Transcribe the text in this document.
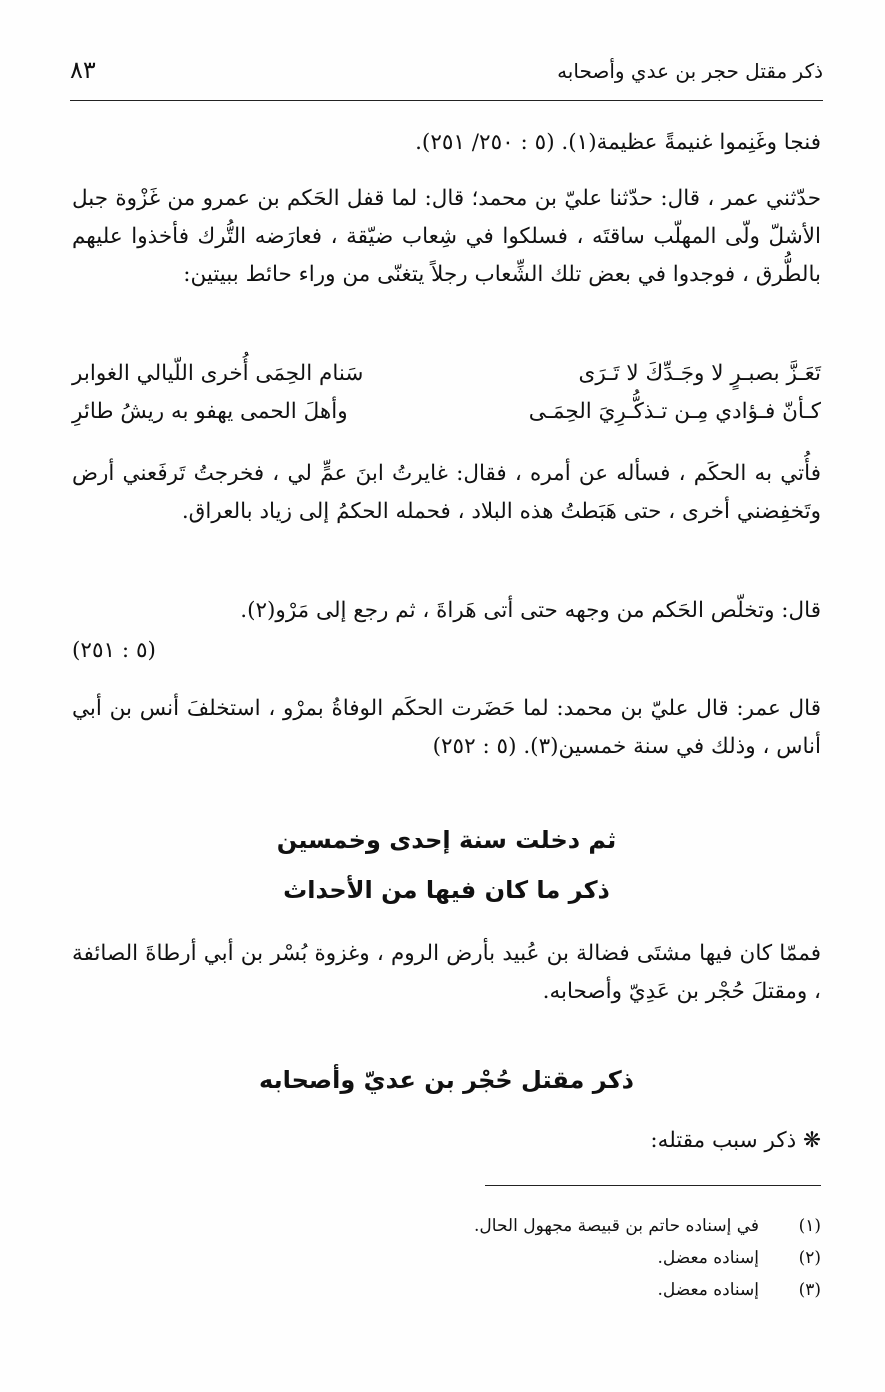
ذكر مقتل حجر بن عدي وأصحابه
٨٣
فنجا وغَنِموا غنيمةً عظيمة(١). (٥ : ٢٥٠/ ٢٥١).
حدّثني عمر ، قال: حدّثنا عليّ بن محمد؛ قال: لما قفل الحَكم بن عمرو من غَزْوة جبل الأشلّ ولّى المهلّب ساقتَه ، فسلكوا في شِعاب ضيّقة ، فعارَضه التُّرك فأخذوا عليهم بالطُّرق ، فوجدوا في بعض تلك الشِّعاب رجلاً يتغنّى من وراء حائط ببيتين:
تَعَـزَّ بصبـرٍ لا وجَـدِّكَ لا تَـرَى
سَنام الحِمَى أُخرى اللّيالي الغوابر
كـأنّ فـؤادي مِـن تـذكُّـرِيَ الحِمَـى
وأهلَ الحمى يهفو به ريشُ طائرِ
فأُتي به الحكَم ، فسأله عن أمره ، فقال: غايرتُ ابنَ عمٍّ لي ، فخرجتُ تَرفَعني أرض وتَخفِضني أخرى ، حتى هَبَطتُ هذه البلاد ، فحمله الحكمُ إلى زياد بالعراق.
قال: وتخلّص الحَكم من وجهه حتى أتى هَراةَ ، ثم رجع إلى مَرْو(٢).
(٥ : ٢٥١)
قال عمر: قال عليّ بن محمد: لما حَضَرت الحكَم الوفاةُ بمرْو ، استخلفَ أنس بن أبي أناس ، وذلك في سنة خمسين(٣). (٥ : ٢٥٢)
ثم دخلت سنة إحدى وخمسين
ذكر ما كان فيها من الأحداث
فممّا كان فيها مشتَى فضالة بن عُبيد بأرض الروم ، وغزوة بُسْر بن أبي أرطاةَ الصائفة ، ومقتلَ حُجْر بن عَدِيّ وأصحابه.
ذكر مقتل حُجْر بن عديّ وأصحابه
❋ ذكر سبب مقتله:
(١)
في إسناده حاتم بن قبيصة مجهول الحال.
(٢)
إسناده معضل.
(٣)
إسناده معضل.
